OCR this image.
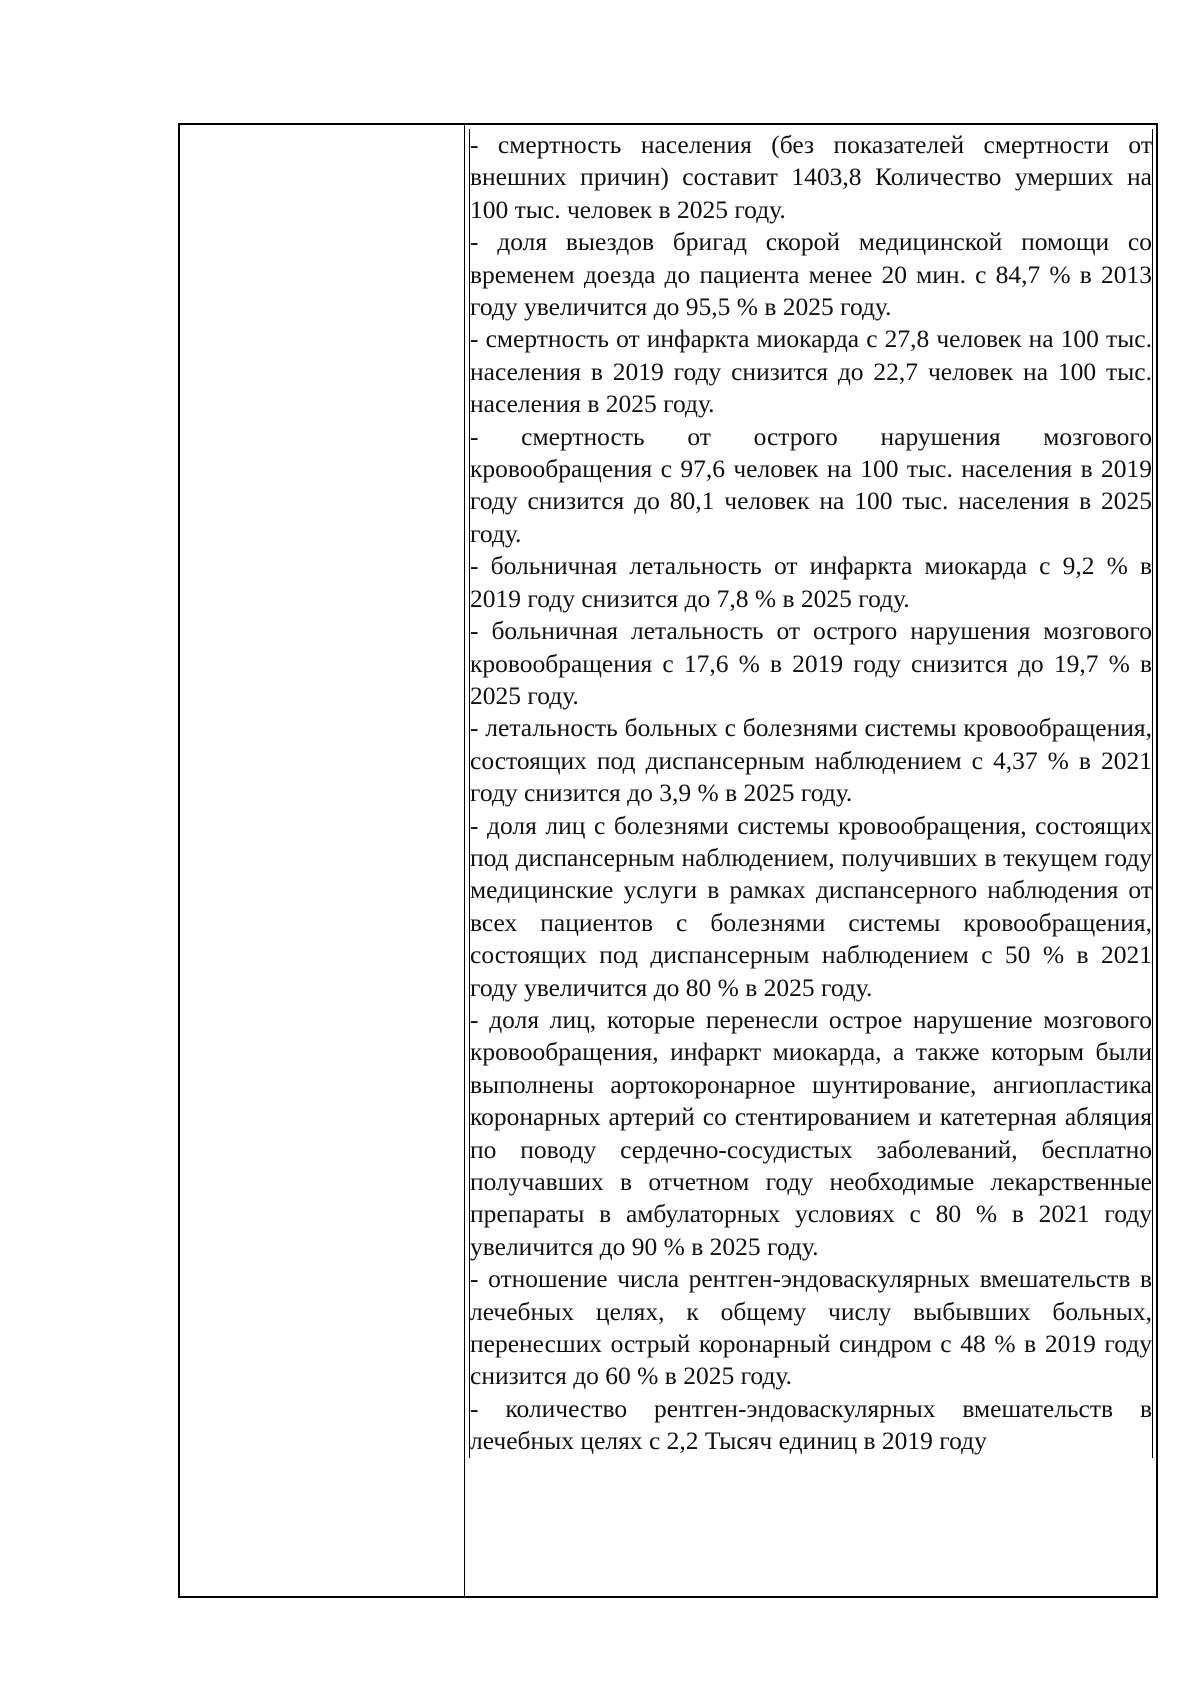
- смертность населения (без показателей смертности от внешних причин) составит 1403,8 Количество умерших на 100 тыс. человек в 2025 году.

- доля выездов бригад скорой медицинской помощи со временем доезда до пациента менее 20 мин. с 84,7 % в 2013 году увеличится до 95,5 % в 2025 году.

- смертность от инфаркта миокарда с 27,8 человек на 100 тыс. населения в 2019 году снизится до 22,7 человек на 100 тыс. населения в 2025 году.

- смертность от острого нарушения мозгового кровообращения с 97,6 человек на 100 тыс. населения в 2019 году снизится до 80,1 человек на 100 тыс. населения в 2025 году.

- больничная летальность от инфаркта миокарда с 9,2 % в 2019 году снизится до 7,8 % в 2025 году.

- больничная летальность от острого нарушения мозгового кровообращения с 17,6 % в 2019 году снизится до 19,7 % в 2025 году.

- летальность больных с болезнями системы кровообращения, состоящих под диспансерным наблюдением с 4,37 % в 2021 году снизится до 3,9 % в 2025 году.

- доля лиц с болезнями системы кровообращения, состоящих под диспансерным наблюдением, получивших в текущем году медицинские услуги в рамках диспансерного наблюдения от всех пациентов с болезнями системы кровообращения, состоящих под диспансерным наблюдением с 50 % в 2021 году увеличится до 80 % в 2025 году.

- доля лиц, которые перенесли острое нарушение мозгового кровообращения, инфаркт миокарда, а также которым были выполнены аортокоронарное шунтирование, ангиопластика коронарных артерий со стентированием и катетерная абляция по поводу сердечно-сосудистых заболеваний, бесплатно получавших в отчетном году необходимые лекарственные препараты в амбулаторных условиях с 80 % в 2021 году увеличится до 90 % в 2025 году.

- отношение числа рентген-эндоваскулярных вмешательств в лечебных целях, к общему числу выбывших больных, перенесших острый коронарный синдром с 48 % в 2019 году снизится до 60 % в 2025 году.

- количество рентген-эндоваскулярных вмешательств в лечебных целях с 2,2 Тысяч единиц в 2019 году
